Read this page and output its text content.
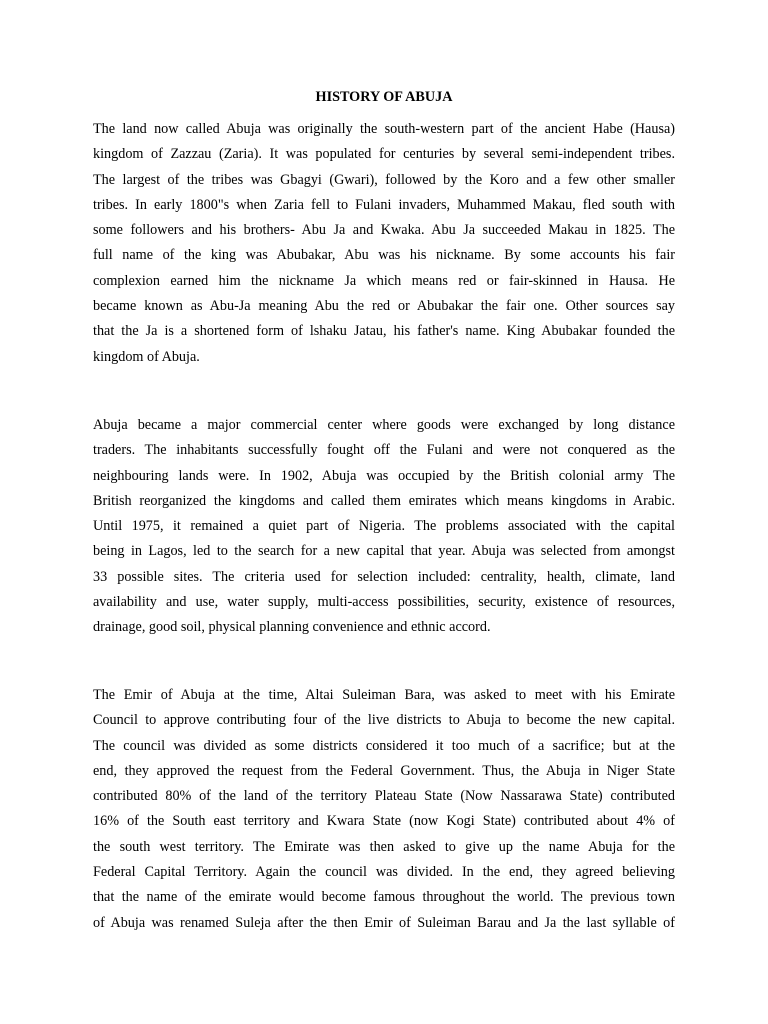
HISTORY OF ABUJA
The land now called Abuja was originally the south-western part of the ancient Habe (Hausa)
kingdom of Zazzau (Zaria). It was populated for centuries by several semi-independent tribes.
The largest of the tribes was Gbagyi (Gwari), followed by the Koro and a few other smaller
tribes. In early 1800"s when Zaria fell to Fulani invaders, Muhammed Makau, fled south with
some followers and his brothers- Abu Ja and Kwaka. Abu Ja succeeded Makau in 1825. The
full name of the king was Abubakar, Abu was his nickname. By some accounts his fair
complexion earned him the nickname Ja which means red or fair-skinned in Hausa. He
became known as Abu-Ja meaning Abu the red or Abubakar the fair one. Other sources say
that the Ja is a shortened form of lshaku Jatau, his father's name. King Abubakar founded the
kingdom of Abuja.
Abuja became a major commercial center where goods were exchanged by long distance
traders. The inhabitants successfully fought off the Fulani and were not conquered as the
neighbouring lands were. In 1902, Abuja was occupied by the British colonial army The
British reorganized the kingdoms and called them emirates which means kingdoms in Arabic.
Until 1975, it remained a quiet part of Nigeria. The problems associated with the capital
being in Lagos, led to the search for a new capital that year. Abuja was selected from amongst
33 possible sites. The criteria used for selection included: centrality, health, climate, land
availability and use, water supply, multi-access possibilities, security, existence of resources,
drainage, good soil, physical planning convenience and ethnic accord.
The Emir of Abuja at the time, Altai Suleiman Bara, was asked to meet with his Emirate
Council to approve contributing four of the live districts to Abuja to become the new capital.
The council was divided as some districts considered it too much of a sacrifice; but at the
end, they approved the request from the Federal Government. Thus, the Abuja in Niger State
contributed 80% of the land of the territory Plateau State (Now Nassarawa State) contributed
16% of the South east territory and Kwara State (now Kogi State) contributed about 4% of
the south west territory. The Emirate was then asked to give up the name Abuja for the
Federal Capital Territory. Again the council was divided. In the end, they agreed believing
that the name of the emirate would become famous throughout the world. The previous town
of Abuja was renamed Suleja after the then Emir of Suleiman Barau and Ja the last syllable of
